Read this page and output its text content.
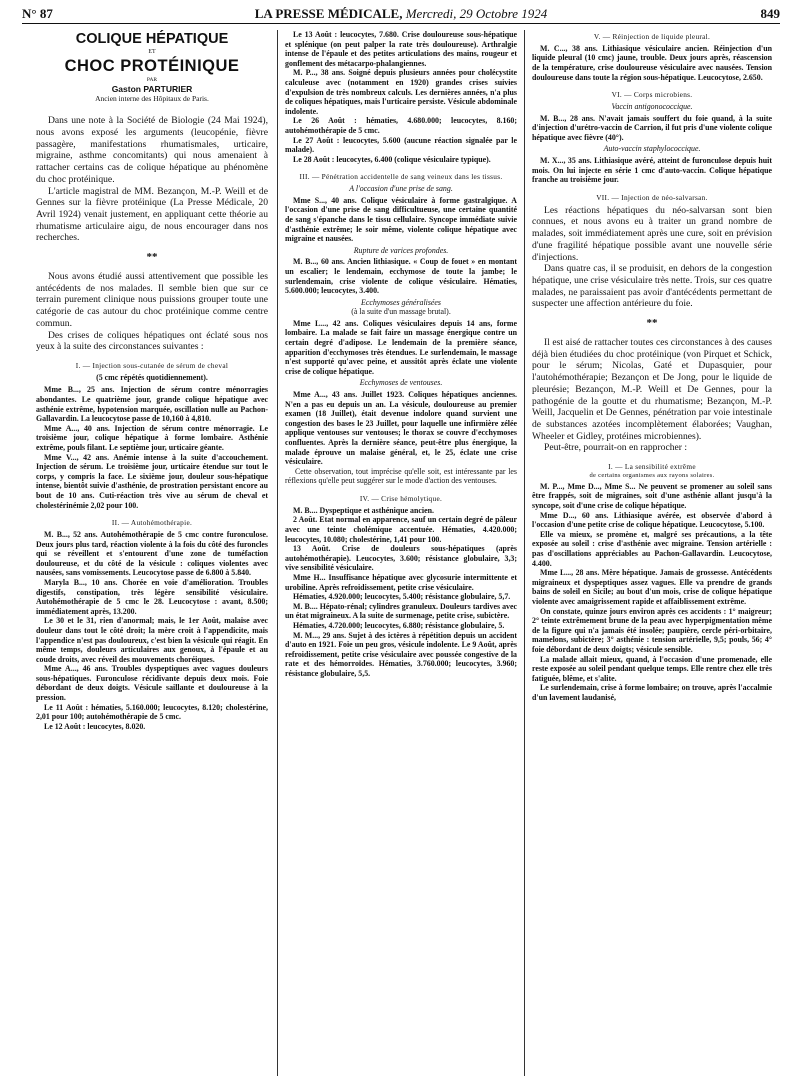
N° 87	LA PRESSE MÉDICALE, Mercredi, 29 Octobre 1924	849
COLIQUE HÉPATIQUE
ET
CHOC PROTÉINIQUE
PAR
Gaston PARTURIER
Ancien interne des Hôpitaux de Paris.

Dans une note à la Société de Biologie (24 Mai 1924), nous avons exposé les arguments (leucopénie, fièvre passagère, manifestations rhumatismales, urticaire, migraine, asthme concomitants) qui nous amenaient à rattacher certains cas de colique hépatique au phénomène du choc protéinique.

L'article magistral de MM. Bezançon, M.-P. Weill et de Gennes sur la fièvre protéinique (La Presse Médicale, 20 Avril 1924) venait justement, en appliquant cette théorie au rhumatisme articulaire aigu, de nous encourager dans nos recherches.

**

Nous avons étudié aussi attentivement que possible les antécédents de nos malades. Il semble bien que sur ce terrain purement clinique nous puissions grouper toute une catégorie de cas autour du choc protéinique comme centre commun.

Des crises de coliques hépatiques ont éclaté sous nos yeux à la suite des circonstances suivantes :

I. — Injection sous-cutanée de sérum de cheval
(5 cmc répétés quotidiennement).

Mme B..., 25 ans. Injection de sérum contre ménorragies abondantes. Le quatrième jour, grande colique hépatique avec asthénie extrême, hypotension marquée, oscillation nulle au Pachon-Gallavardin. La leucocytose passe de 10,160 à 4,810.

Mme A..., 40 ans. Injection de sérum contre ménorragie. Le troisième jour, colique hépatique à forme lombaire. Asthénie extrême, pouls filant. Le septième jour, urticaire géante.

Mme V..., 42 ans. Anémie intense à la suite d'accouchement. Injection de sérum. Le troisième jour, urticaire étendue sur tout le corps, y compris la face. Le sixième jour, douleur sous-hépatique intense, bientôt suivie d'asthénie, de prostration persistant encore au bout de 10 ans. Cuti-réaction très vive au sérum de cheval et cholestérinémie 2,02 pour 100.

II. — Autohémothérapie.

M. B..., 52 ans. Autohémothérapie de 5 cmc contre furonculose. Deux jours plus tard, réaction violente à la fois du côté des furoncles qui se réveillent et s'entourent d'une zone de tuméfaction douloureuse, et du côté de la vésicule : coliques violentes avec nausées, sans vomissements. Leucocytose passe de 6.800 à 5.840.

Maryla B..., 10 ans. Chorée en voie d'amélioration. Troubles digestifs, constipation, très légère sensibilité vésiculaire. Autohémothérapie de 5 cmc le 28. Leucocytose : avant, 8.500; immédiatement après, 13.200.

Le 30 et le 31, rien d'anormal; mais, le 1er Août, malaise avec douleur dans tout le côté droit; la mère croit à l'appendicite, mais l'appendice n'est pas douloureux, c'est bien la vésicule qui réagit. En même temps, douleurs articulaires aux genoux, à l'épaule et au coude droits, avec réveil des mouvements choréiques.

Mme A..., 46 ans. Troubles dyspeptiques avec vagues douleurs sous-hépatiques. Furonculose récidivante depuis deux mois. Foie débordant de deux doigts. Vésicule saillante et douloureuse à la pression.

Le 11 Août : hématies, 5.160.000; leucocytes, 8.120; cholestérine, 2,01 pour 100; autohémothérapie de 5 cmc.

Le 12 Août : leucocytes, 8.020.

Le 13 Août : leucocytes, 7.680. Crise douloureuse sous-hépatique et splénique (on peut palper la rate très douloureuse). Arthralgie intense de l'épaule et des petites articulations des mains, rougeur et gonflement des métacarpo-phalangiennes.

M. P..., 38 ans. Soigné depuis plusieurs années pour cholécystite calculeuse avec (notamment en 1920) grandes crises suivies d'expulsion de très nombreux calculs. Les dernières années, n'a plus de coliques hépatiques, mais l'urticaire persiste. Vésicule abdominale indolente.

Le 26 Août : hématies, 4.680.000; leucocytes, 8.160; autohémothérapie de 5 cmc.

Le 27 Août : leucocytes, 5.600 (aucune réaction signalée par le malade).

Le 28 Août : leucocytes, 6.400 (colique vésiculaire typique).

III. — Pénétration accidentelle de sang veineux dans les tissus.
A l'occasion d'une prise de sang.

Mme S..., 40 ans. Colique vésiculaire à forme gastralgique. A l'occasion d'une prise de sang difficultueuse, une certaine quantité de sang s'épanche dans le tissu cellulaire. Syncope immédiate suivie d'asthénie extrême; le soir même, violente colique hépatique avec migraine et nausées.

Rupture de varices profondes.

M. B..., 60 ans. Ancien lithiasique. « Coup de fouet » en montant un escalier; le lendemain, ecchymose de toute la jambe; le surlendemain, crise violente de colique vésiculaire. Hématies, 5.600.000; leucocytes, 3.400.

Ecchymoses généralisées
(à la suite d'un massage brutal).

Mme L..., 42 ans. Coliques vésiculaires depuis 14 ans, forme lombaire. La malade se fait faire un massage énergique contre un certain degré d'adipose. Le lendemain de la première séance, apparition d'ecchymoses très étendues. Le surlendemain, le massage n'est supporté qu'avec peine, et aussitôt après éclate une violente crise de colique hépatique.

Ecchymoses de ventouses.

Mme A..., 43 ans. Juillet 1923. Coliques hépatiques anciennes. N'en a pas eu depuis un an. La vésicule, douloureuse au premier examen (18 Juillet), était devenue indolore quand survient une congestion des bases le 23 Juillet, pour laquelle une infirmière zélée applique ventouses sur ventouses; le thorax se couvre d'ecchymoses confluentes. Après la dernière séance, peut-être plus énergique, la malade éprouve un malaise général, et, le 25, éclate une crise vésiculaire.

Cette observation, tout imprécise qu'elle soit, est intéressante par les réflexions qu'elle peut suggérer sur le mode d'action des ventouses.

IV. — Crise hémolytique.

M. B.... Dyspeptique et asthénique ancien.

2 Août. Etat normal en apparence, sauf un certain degré de pâleur avec une teinte cholémique accentuée. Hématies, 4.420.000; leucocytes, 10.080; cholestérine, 1,41 pour 100.

13 Août. Crise de douleurs sous-hépatiques (après autohémothérapie). Leucocytes, 3.600; résistance globulaire, 3,3; vive sensibilité vésiculaire.

Mme H... Insuffisance hépatique avec glycosurie intermittente et urobiline. Après refroidissement, petite crise vésiculaire.

Hématies, 4.920.000; leucocytes, 5.400; résistance globulaire, 5,7.

M. B.... Hépato-rénal; cylindres granuleux. Douleurs tardives avec un état migraineux. A la suite de surmenage, petite crise, subictère.

Hématies, 4.720.000; leucocytes, 6.880; résistance globulaire, 5.

M. M..., 29 ans. Sujet à des ictères à répétition depuis un accident d'auto en 1921. Foie un peu gros, vésicule indolente. Le 9 Août, après refroidissement, petite crise vésiculaire avec poussée congestive de la rate et des hémorroïdes. Hématies, 3.760.000; leucocytes, 3.960; résistance globulaire, 5,5.

V. — Réinjection de liquide pleural.

M. C..., 38 ans. Lithiasique vésiculaire ancien. Réinjection d'un liquide pleural (10 cmc) jaune, trouble. Deux jours après, réascension de la température, crise douloureuse vésiculaire avec nausées. Tension douloureuse dans toute la région sous-hépatique. Leucocytose, 2.650.

VI. — Corps microbiens.
Vaccin antigonococcique.

M. B..., 28 ans. N'avait jamais souffert du foie quand, à la suite d'injection d'urétro-vaccin de Carrion, il fut pris d'une violente colique hépatique avec fièvre (40°).

Auto-vaccin staphylococcique.

M. X..., 35 ans. Lithiasique avéré, atteint de furonculose depuis huit mois. On lui injecte en série 1 cmc d'auto-vaccin. Colique hépatique franche au troisième jour.

VII. — Injection de néo-salvarsan.

Les réactions hépatiques du néo-salvarsan sont bien connues, et nous avons eu à traiter un grand nombre de malades, soit immédiatement après une cure, soit en prévision d'une fragilité hépatique possible avant une nouvelle série d'injections.

Dans quatre cas, il se produisit, en dehors de la congestion hépatique, une crise vésiculaire très nette. Trois, sur ces quatre malades, ne paraissaient pas avoir d'antécédents permettant de suspecter une affection antérieure du foie.

**

Il est aisé de rattacher toutes ces circonstances à des causes déjà bien étudiées du choc protéinique (von Pirquet et Schick, pour le sérum; Nicolas, Gaté et Dupasquier, pour l'autohémothérapie; Bezançon et De Jong, pour le liquide de pleurésie; Bezançon, M.-P. Weill et De Gennes, pour la pathogénie de la goutte et du rhumatisme; Bezançon, M.-P. Weill, Jacquelin et De Gennes, pénétration par voie intestinale de substances azotées incomplètement élaborées; Vaughan, Wheeler et Gidley, protéines microbiennes).

Peut-être, pourrait-on en rapprocher :

I. — La sensibilité extrême
de certains organismes aux rayons solaires.

M. P..., Mme D..., Mme S... Ne peuvent se promener au soleil sans être frappés, soit de migraines, soit d'une asthénie allant jusqu'à la syncope, soit d'une crise de colique hépatique.

Mme D..., 60 ans. Lithiasique avérée, est observée d'abord à l'occasion d'une petite crise de colique hépatique. Leucocytose, 5.100.

Elle va mieux, se promène et, malgré ses précautions, a la tête exposée au soleil : crise d'asthénie avec migraine. Tension artérielle : pas d'oscillations appréciables au Pachon-Gallavardin. Leucocytose, 4.400.

Mme L..., 28 ans. Mère hépatique. Jamais de grossesse. Antécédents migraineux et dyspeptiques assez vagues. Elle va prendre de grands bains de soleil en Sicile; au bout d'un mois, crise de colique hépatique violente avec amaigrissement rapide et affaiblissement extrême.

On constate, quinze jours environ après ces accidents : 1° maigreur; 2° teinte extrêmement brune de la peau avec hyperpigmentation même de la figure qui n'a jamais été insolée; paupière, cercle péri-orbitaire, mamelons, subictère; 3° asthénie : tension artérielle, 9,5; pouls, 56; 4° foie débordant de deux doigts; vésicule sensible.

La malade allait mieux, quand, à l'occasion d'une promenade, elle reste exposée au soleil pendant quelque temps. Elle rentre chez elle très fatiguée, blême, et s'alite.

Le surlendemain, crise à forme lombaire; on trouve, après l'accalmie d'un lavement laudanisé,
